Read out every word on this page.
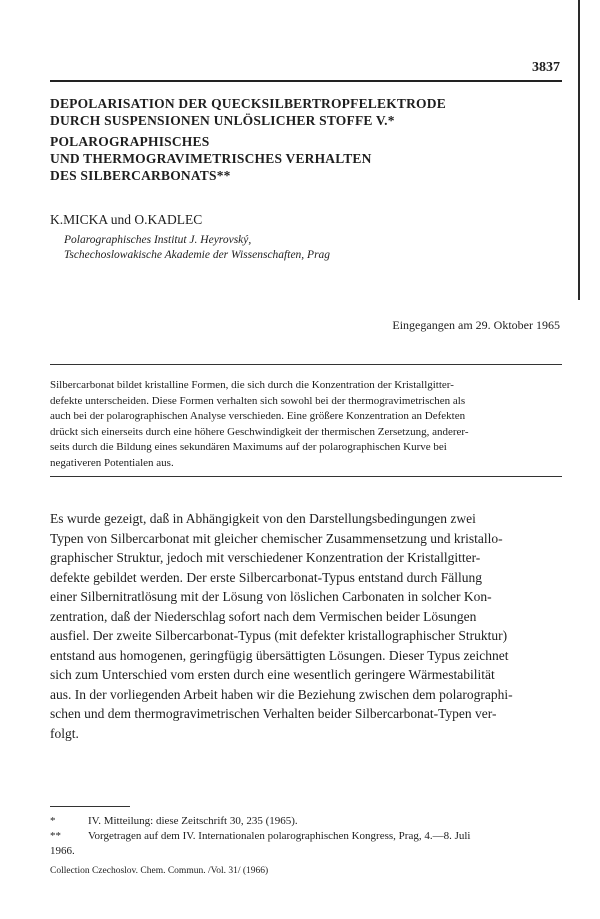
3837
DEPOLARISATION DER QUECKSILBERTROPFELEKTRODE
DURCH SUSPENSIONEN UNLÖSLICHER STOFFE V.*
POLAROGRAPHISCHES
UND THERMOGRAVIMETRISCHES VERHALTEN
DES SILBERCARBONATS**
K.MICKA und O.KADLEC
Polarographisches Institut J. Heyrovský,
Tschechoslowakische Akademie der Wissenschaften, Prag
Eingegangen am 29. Oktober 1965
Silbercarbonat bildet kristalline Formen, die sich durch die Konzentration der Kristallgitter-
defekte unterscheiden. Diese Formen verhalten sich sowohl bei der thermogravimetrischen als
auch bei der polarographischen Analyse verschieden. Eine größere Konzentration an Defekten
drückt sich einerseits durch eine höhere Geschwindigkeit der thermischen Zersetzung, anderer-
seits durch die Bildung eines sekundären Maximums auf der polarographischen Kurve bei
negativeren Potentialen aus.
Es wurde gezeigt, daß in Abhängigkeit von den Darstellungsbedingungen zwei
Typen von Silbercarbonat mit gleicher chemischer Zusammensetzung und kristallo-
graphischer Struktur, jedoch mit verschiedener Konzentration der Kristallgitter-
defekte gebildet werden. Der erste Silbercarbonat-Typus entstand durch Fällung
einer Silbernitratlösung mit der Lösung von löslichen Carbonaten in solcher Kon-
zentration, daß der Niederschlag sofort nach dem Vermischen beider Lösungen
ausfiel. Der zweite Silbercarbonat-Typus (mit defekter kristallographischer Struktur)
entstand aus homogenen, geringfügig übersättigten Lösungen. Dieser Typus zeichnet
sich zum Unterschied vom ersten durch eine wesentlich geringere Wärmestabilität
aus. In der vorliegenden Arbeit haben wir die Beziehung zwischen dem polarographi-
schen und dem thermogravimetrischen Verhalten beider Silbercarbonat-Typen ver-
folgt.
*	IV. Mitteilung: diese Zeitschrift 30, 235 (1965).
**	Vorgetragen auf dem IV. Internationalen polarographischen Kongress, Prag, 4.—8. Juli
1966.
Collection Czechoslov. Chem. Commun. /Vol. 31/ (1966)
